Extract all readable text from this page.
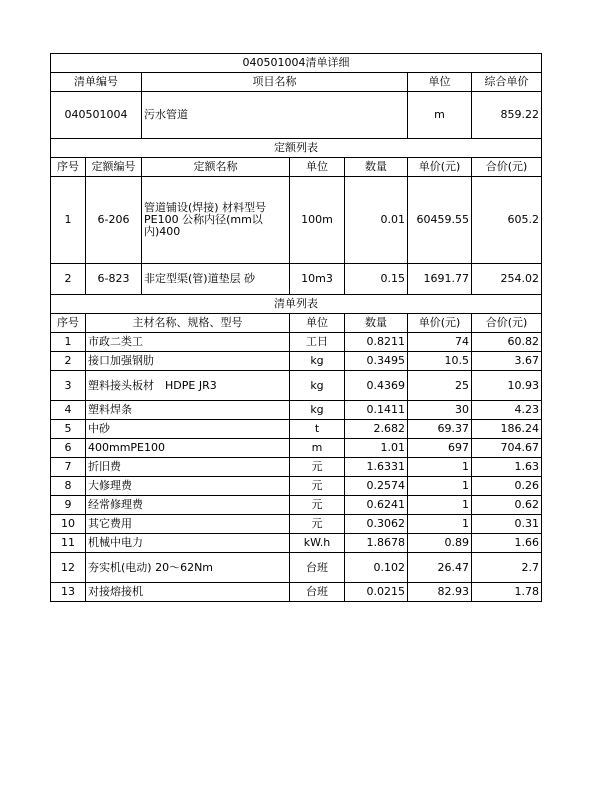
040501004清单详细						
清单编号		项目名称			单位	综合单价
040501004		污水管道			m	859.22
定额列表						
序号	定额编号	定额名称	单位	数量	单价(元)	合价(元)
1	6-206	管道铺设(焊接) 材料型号PE100 公称内径(mm以内)400	100m	0.01	60459.55	605.2
2	6-823	非定型渠(管)道垫层 砂	10m3	0.15	1691.77	254.02
清单列表						
序号	主材名称、规格、型号		单位	数量	单价(元)	合价(元)
1	市政二类工		工日	0.8211	74	60.82
2	接口加强钢肋		kg	0.3495	10.5	3.67
3	塑料接头板材　HDPE JR3		kg	0.4369	25	10.93
4	塑料焊条		kg	0.1411	30	4.23
5	中砂		t	2.682	69.37	186.24
6	400mmPE100		m	1.01	697	704.67
7	折旧费		元	1.6331	1	1.63
8	大修理费		元	0.2574	1	0.26
9	经常修理费		元	0.6241	1	0.62
10	其它费用		元	0.3062	1	0.31
11	机械中电力		kW.h	1.8678	0.89	1.66
12	夯实机(电动) 20～62Nm		台班	0.102	26.47	2.7
13	对接熔接机		台班	0.0215	82.93	1.78
